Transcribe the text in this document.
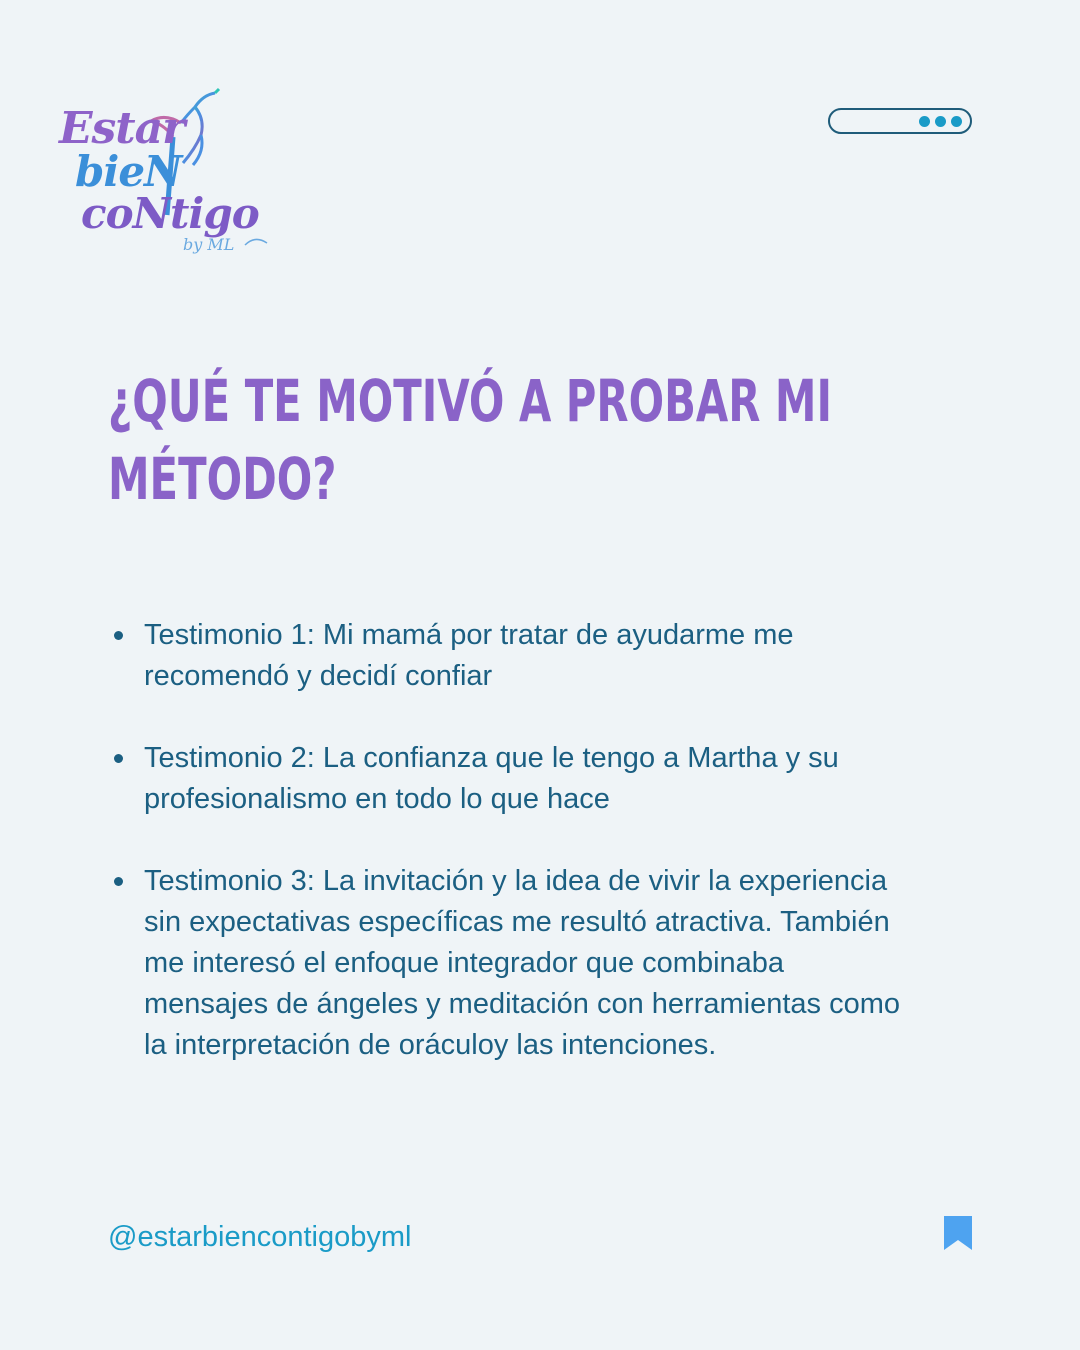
Estar
bieN
coNtigo
by ML
¿QUÉ TE MOTIVÓ A PROBAR MI
MÉTODO?
Testimonio 1: Mi mamá por tratar de ayudarme me recomendó y decidí confiar
Testimonio 2: La confianza que le tengo a Martha y su profesionalismo en todo lo que hace
Testimonio 3: La invitación y la idea de vivir la experiencia sin expectativas específicas me resultó atractiva. También me interesó el enfoque integrador que combinaba mensajes de ángeles y meditación con herramientas como la interpretación de oráculoy las intenciones.
@estarbiencontigobyml
